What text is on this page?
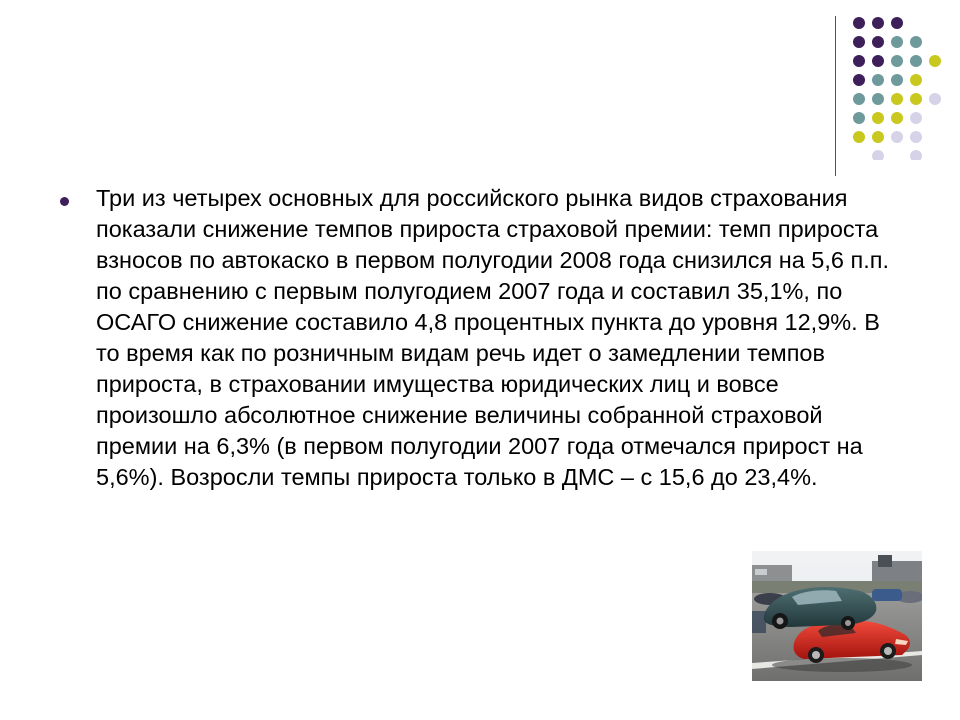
Три из четырех основных для российского рынка видов страхования показали снижение темпов прироста страховой премии: темп прироста взносов по автокаско в первом полугодии 2008 года снизился на 5,6 п.п. по сравнению с первым полугодием 2007 года и составил 35,1%, по ОСАГО снижение составило 4,8 процентных пункта до уровня 12,9%. В то время как по розничным видам речь идет о замедлении темпов прироста, в страховании имущества юридических лиц и вовсе произошло абсолютное снижение величины собранной страховой премии на 6,3% (в первом полугодии 2007 года отмечался прирост на 5,6%). Возросли темпы прироста только в ДМС – с 15,6 до 23,4%.
